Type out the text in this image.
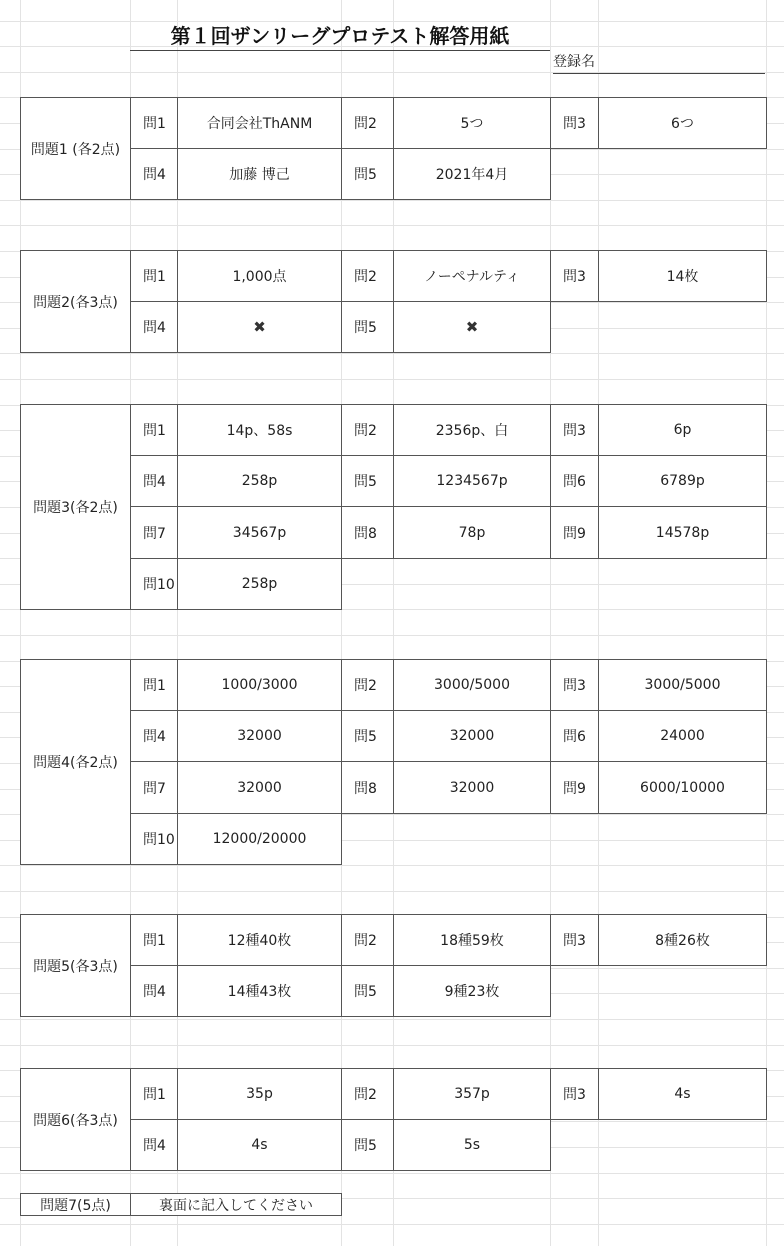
第１回ザンリーグプロテスト解答用紙
登録名
問題1 (各2点)
問1	合同会社ThANM	問2	5つ	問3	6つ
問4	加藤 博己	問5	2021年4月
問題2(各3点)
問1	1,000点	問2	ノーペナルティ	問3	14枚
問4	✖	問5	✖
問題3(各2点)
問1	14p、58s	問2	2356p、白	問3	6p
問4	258p	問5	1234567p	問6	6789p
問7	34567p	問8	78p	問9	14578p
問10	258p
問題4(各2点)
問1	1000/3000	問2	3000/5000	問3	3000/5000
問4	32000	問5	32000	問6	24000
問7	32000	問8	32000	問9	6000/10000
問10	12000/20000
問題5(各3点)
問1	12種40枚	問2	18種59枚	問3	8種26枚
問4	14種43枚	問5	9種23枚
問題6(各3点)
問1	35p	問2	357p	問3	4s
問4	4s	問5	5s
問題7(5点)	裏面に記入してください
